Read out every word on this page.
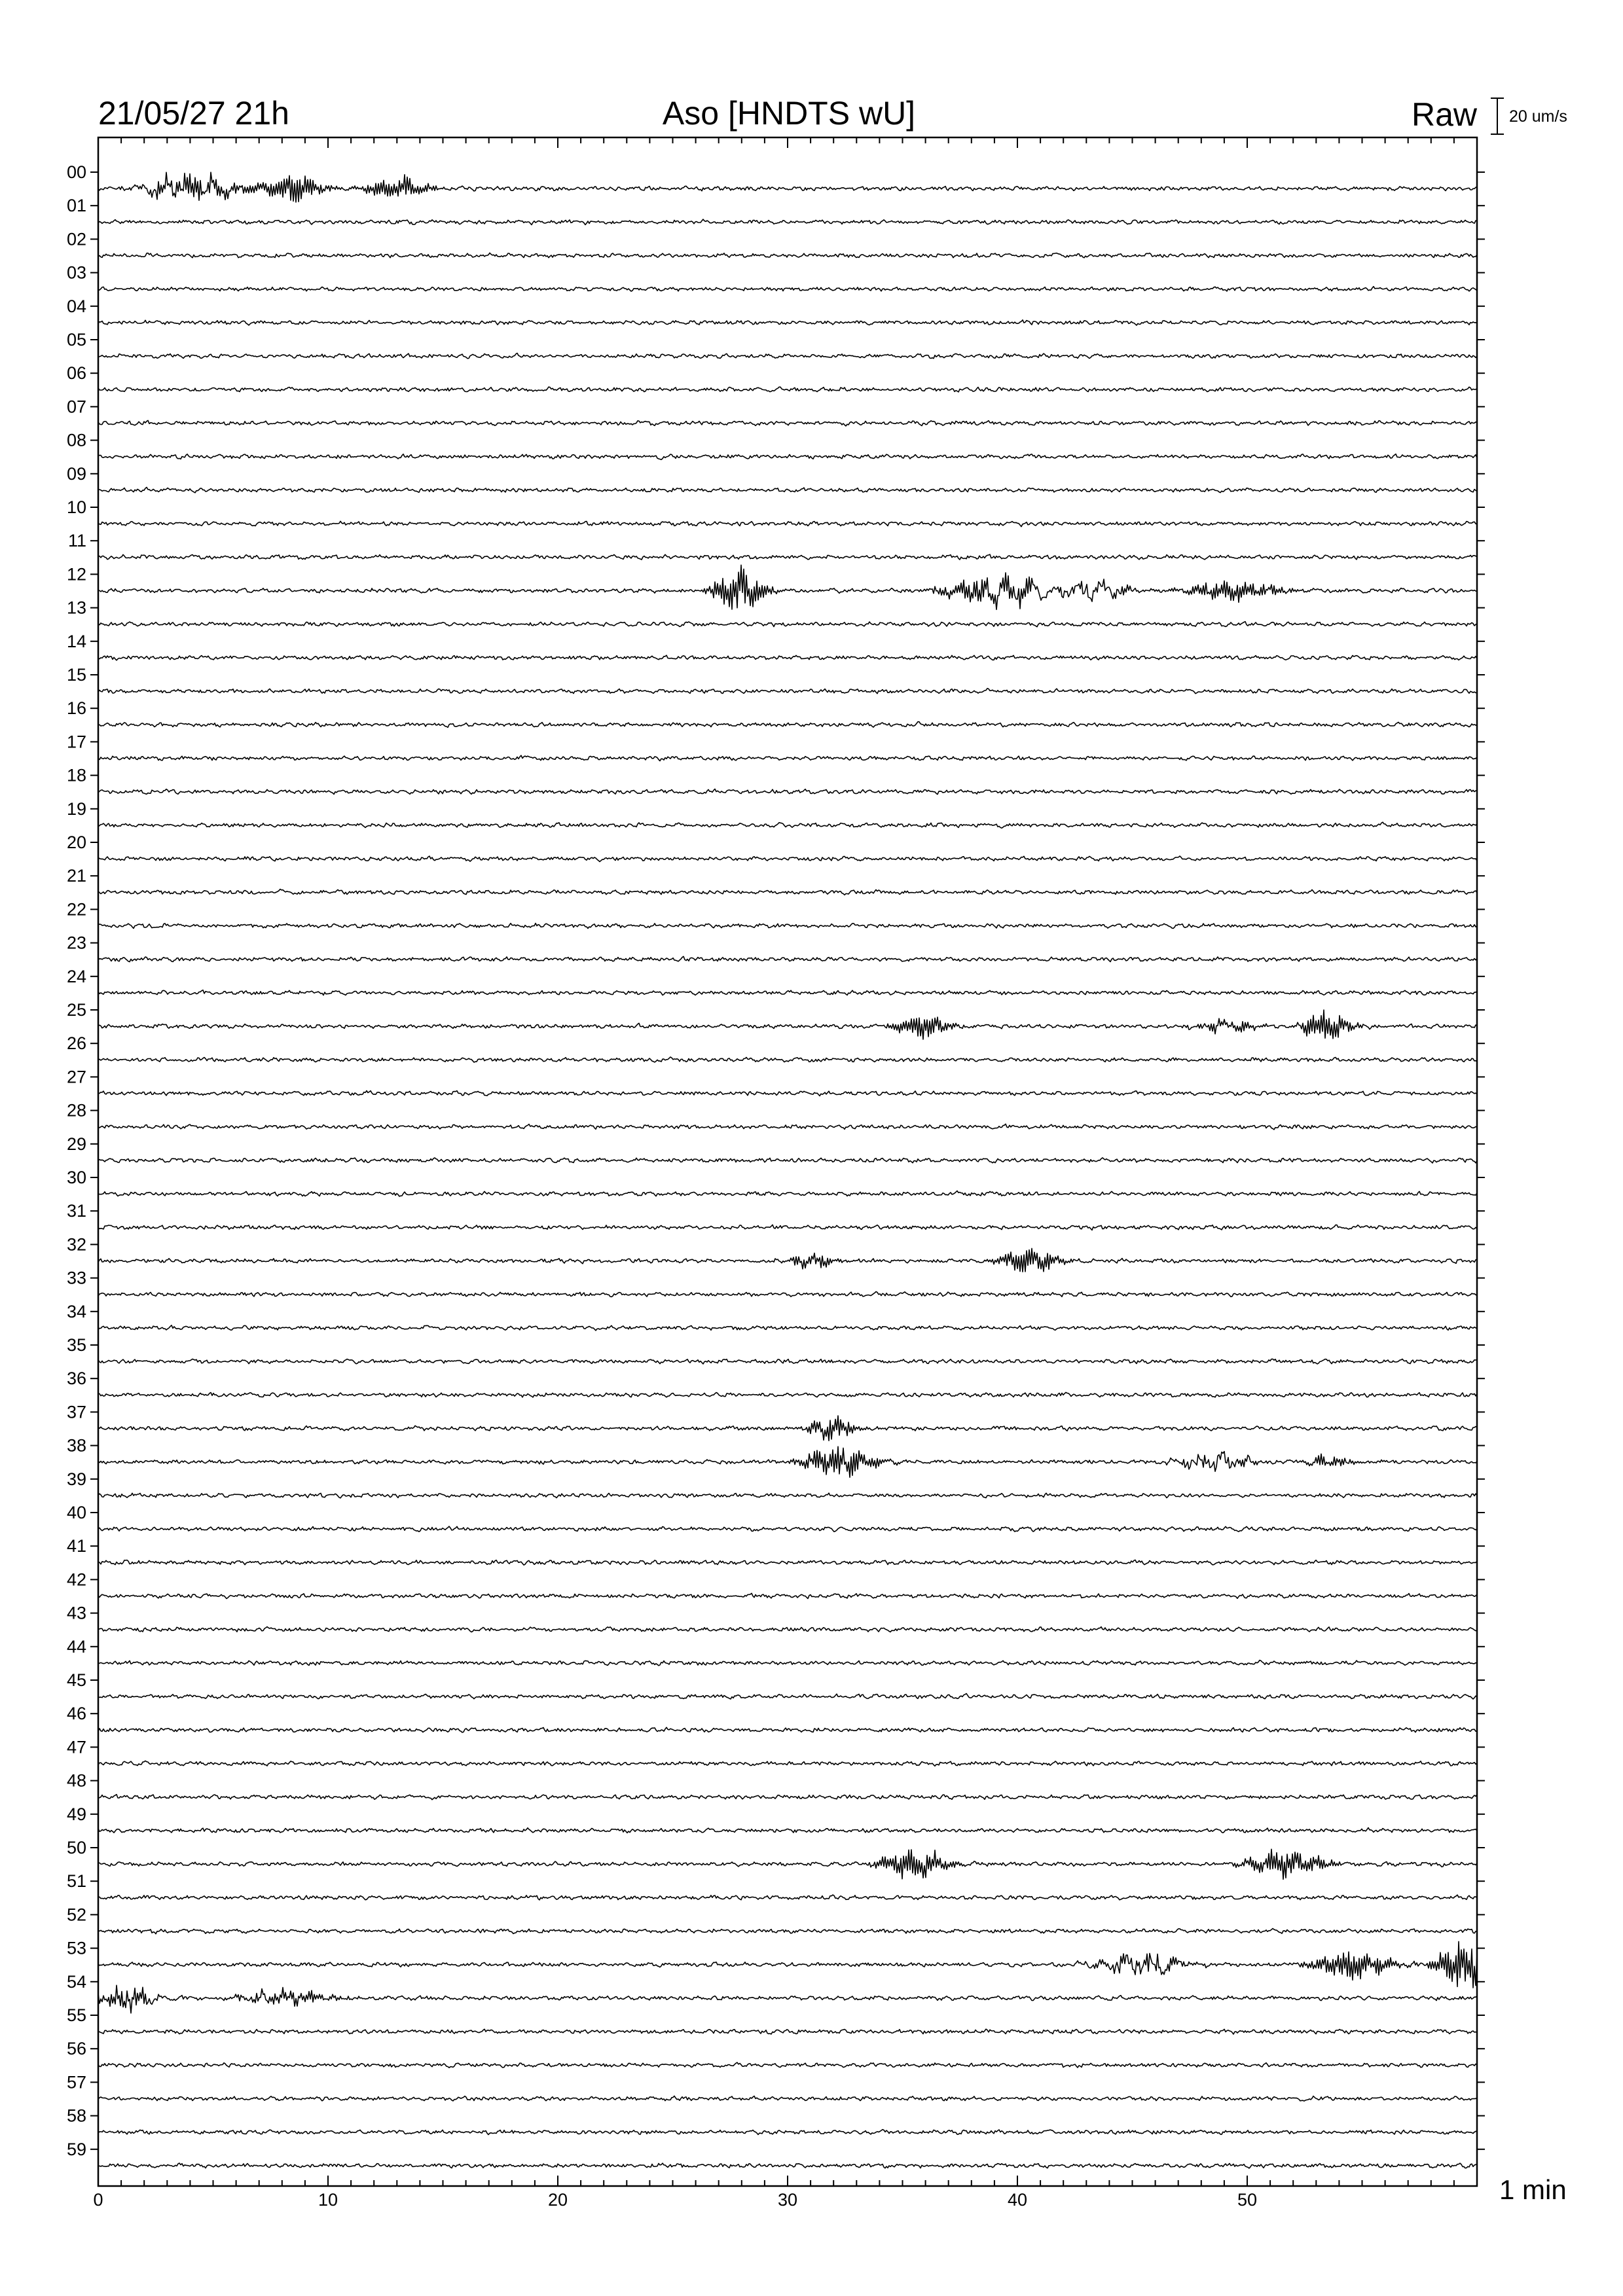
21/05/27 21h	Aso [HNDTS wU]	Raw 20 um/s
0	10	20	30	40	50
00
01
02
03
04
05
06
07
08
09
10
11
12
13
14
15
16
17
18
19
20
21
22
23
24
25
26
27
28
29
30
31
32
33
34
35
36
37
38
39
40
41
42
43
44
45
46
47
48
49
50
51
52
53
54
55
56
57
58
59
1 min
